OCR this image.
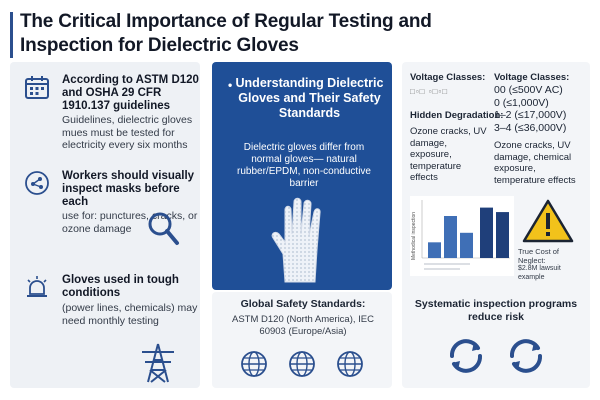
The Critical Importance of Regular Testing and
Inspection for Dielectric Gloves
According to ASTM D120 and OSHA 29 CFR 1910.137 guidelines
Guidelines, dielectric gloves mues must be tested for electricity every six months
Workers should visually inspect masks before each
use for: punctures, cracks, or ozone damage
Gloves used in tough conditions
(power lines, chemicals) may need monthly testing
• Understanding Dielectric Gloves and Their Safety Standards
Dielectric gloves differ from normal gloves— natural rubber/EPDM, non-conductive barrier
Global Safety Standards:
ASTM D120 (North America), IEC 60903 (Europe/Asia)
Voltage Classes:
□▫□ ▫□▫□
Hidden Degradation:
Ozone cracks, UV damage, exposure, temperature effects
Voltage Classes:
00 (≤500V AC)
0 (≤1,000V)
1–2 (≤17,000V)
3–4 (≤36,000V)
Ozone cracks, UV damage, chemical exposure, temperature effects
Methodical inspection	True Cost of Neglect:
$2.8M lawsuit example
Systematic inspection programs reduce risk
